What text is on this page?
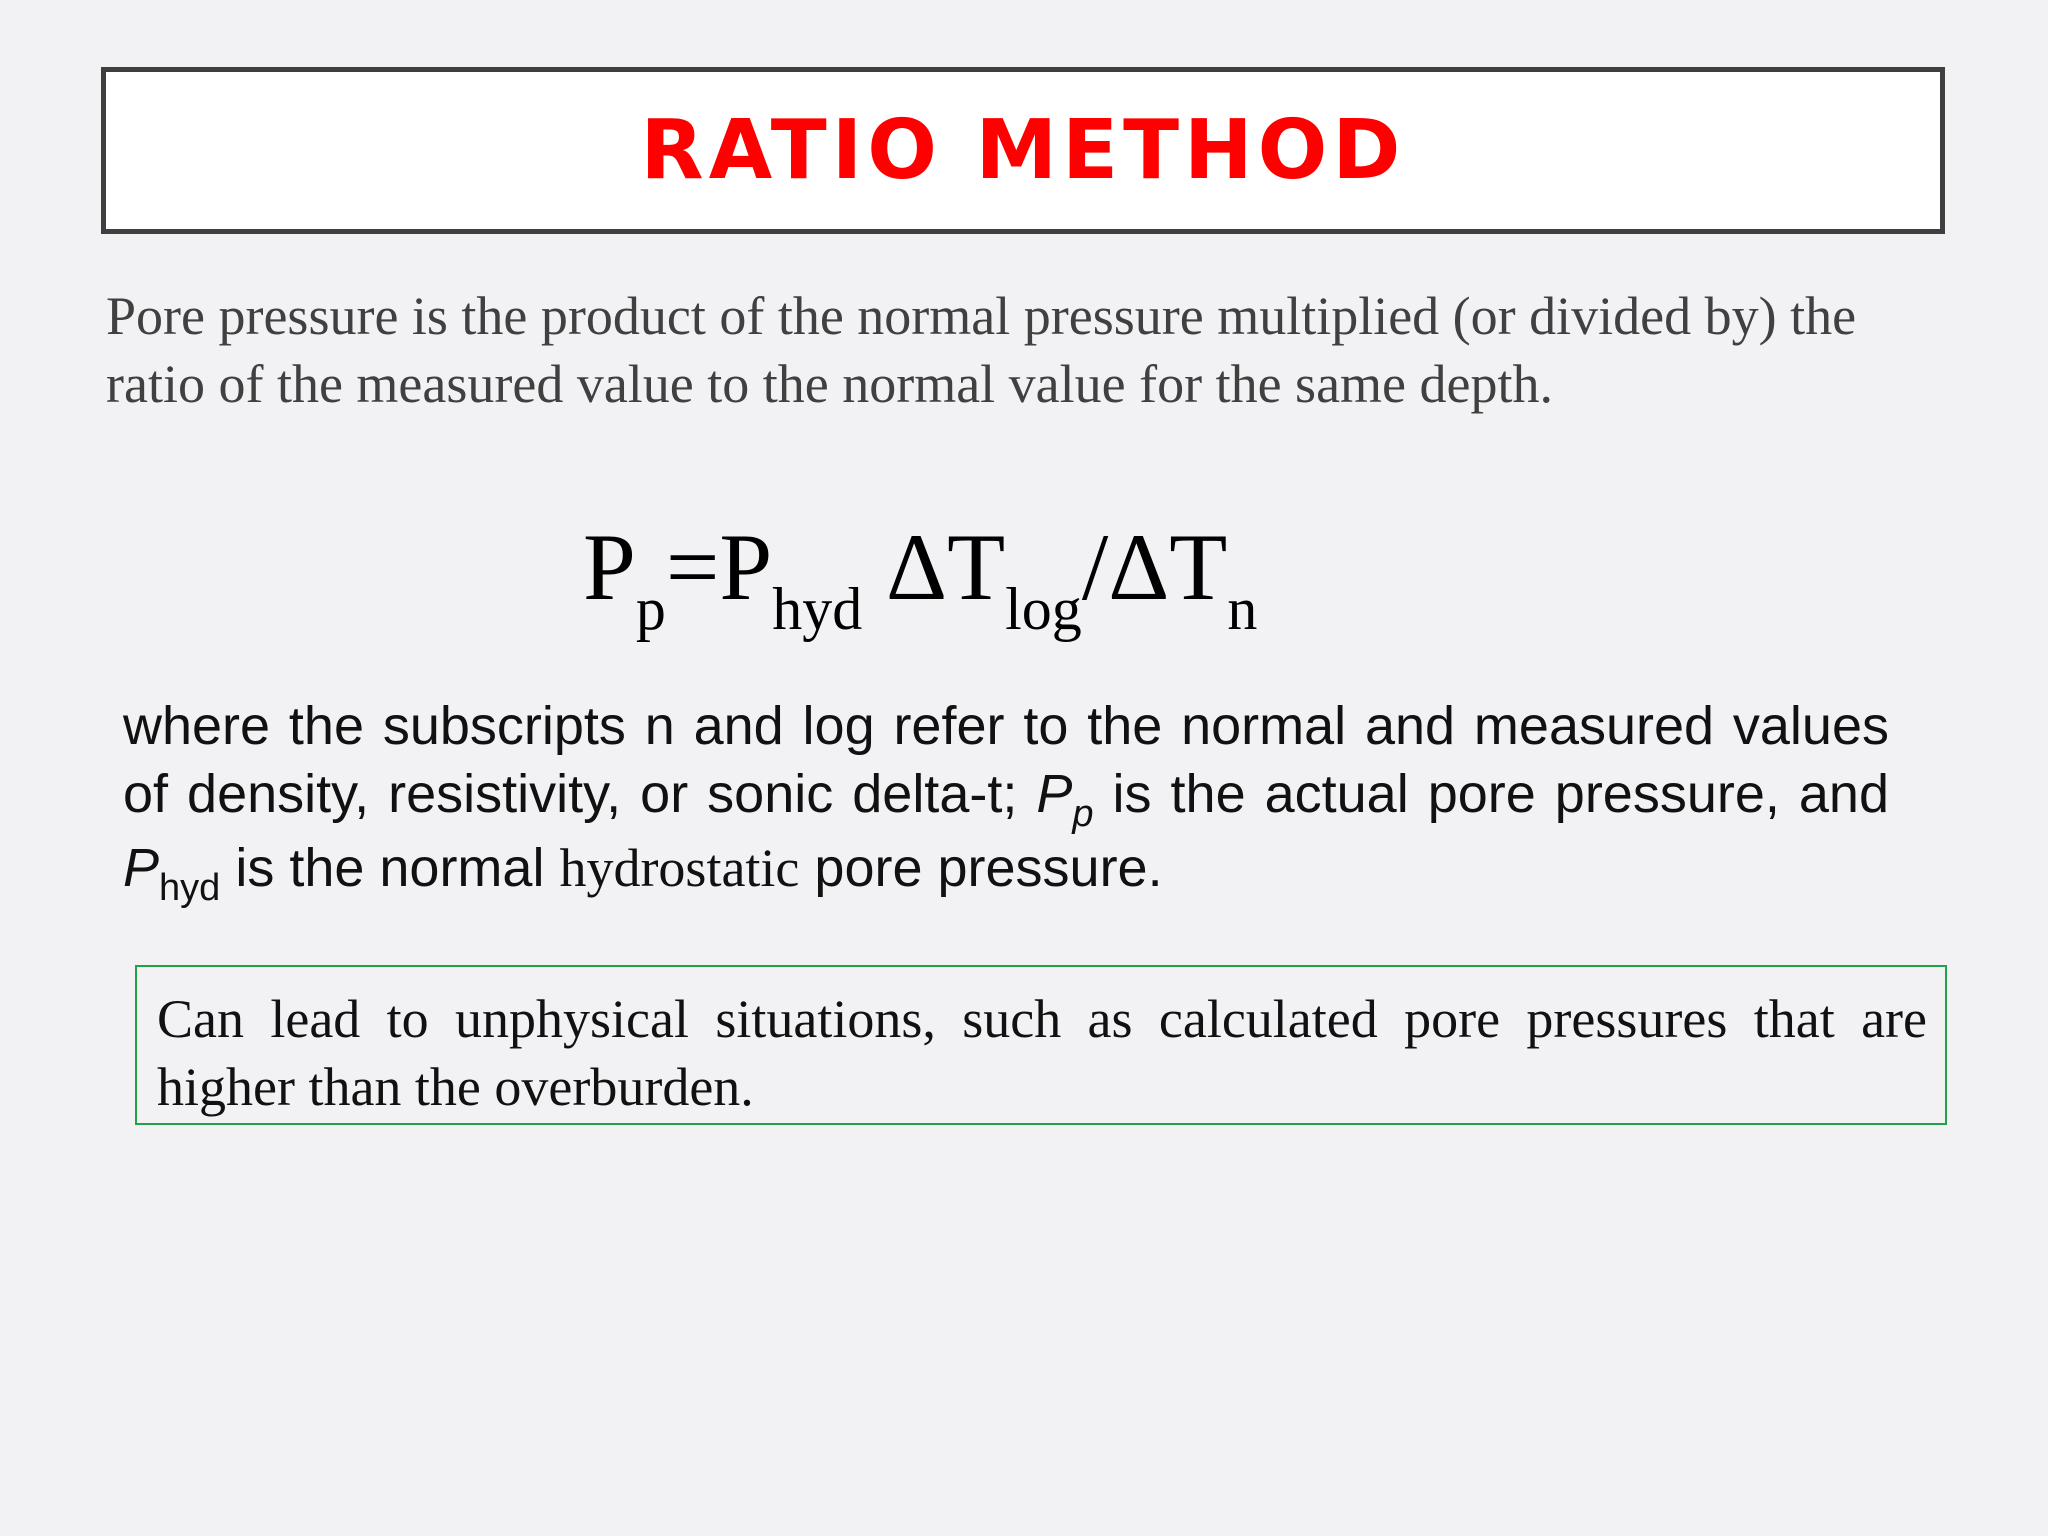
RATIO METHOD

Pore pressure is the product of the normal pressure multiplied (or divided by) the ratio of the measured value to the normal value for the same depth.

$P_p=P_{hyd}$ $\Delta T_{log}/\Delta T_n$

where the subscripts n and log refer to the normal and measured values of density, resistivity, or sonic delta-t; $P_p$ is the actual pore pressure, and $P_{hyd}$ is the normal hydrostatic pore pressure.

Can lead to unphysical situations, such as calculated pore pressures that are higher than the overburden.
